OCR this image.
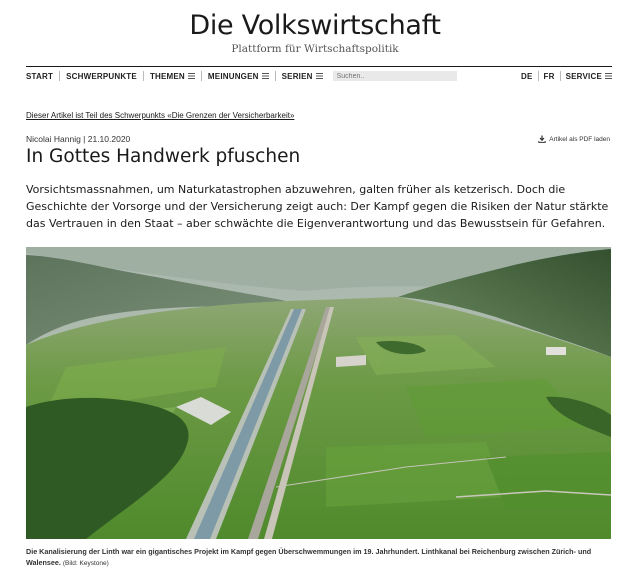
Die Volkswirtschaft
Plattform für Wirtschaftspolitik
START SCHWERPUNKTE THEMEN	MEINUNGEN	SERIEN
Suchen..	DE	FR	SERVICE
Dieser Artikel ist Teil des Schwerpunkts «Die Grenzen der Versicherbarkeit»
Nicolai Hannig | 21.10.2020	Artikel als PDF laden
In Gottes Handwerk pfuschen

Vorsichtsmassnahmen, um Naturkatastrophen abzuwehren, galten früher als ketzerisch. Doch die Geschichte der Vorsorge und der Versicherung zeigt auch: Der Kampf gegen die Risiken der Natur stärkte das Vertrauen in den Staat – aber schwächte die Eigenverantwortung und das Bewusstsein für Gefahren.

Die Kanalisierung der Linth war ein gigantisches Projekt im Kampf gegen Überschwemmungen im 19. Jahrhundert. Linthkanal bei Reichenburg zwischen Zürich- und Walensee. (Bild: Keystone)
